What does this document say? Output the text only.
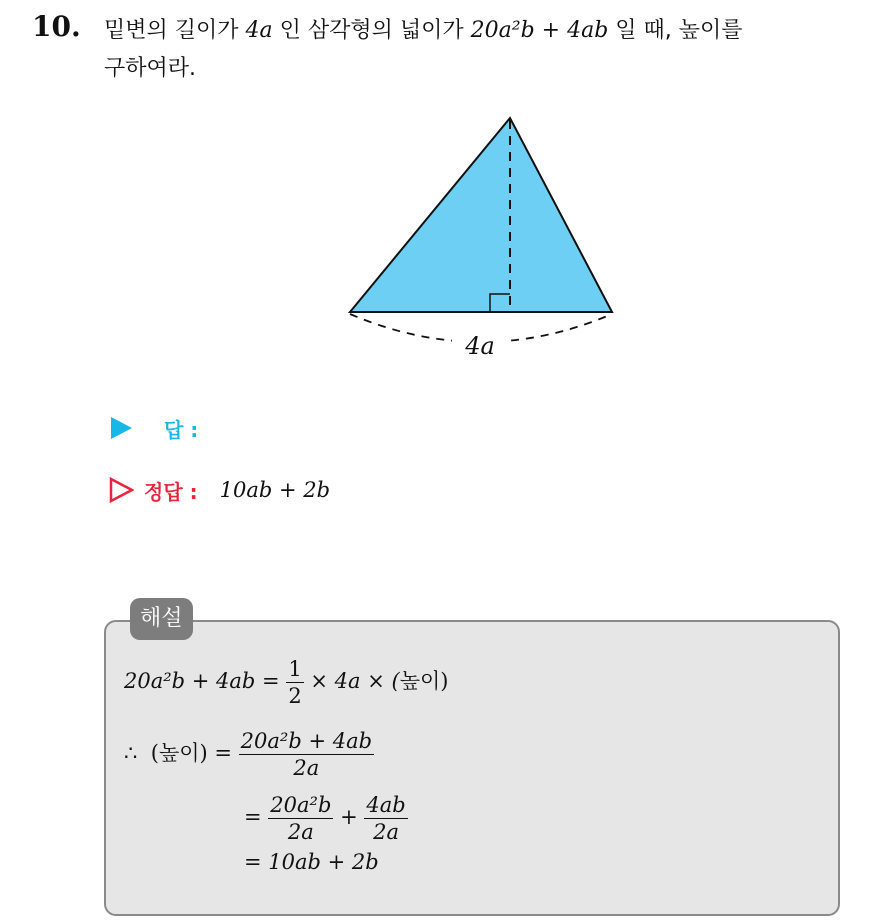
10. 밑변의 길이가 4a 인 삼각형의 넓이가 20a²b + 4ab 일 때, 높이를
구하여라.
4a
답 :
정답 : 10ab + 2b
해설
$20a^2b + 4ab = \frac{1}{2} \times 4a$ × (높이)
∴ (높이) = $\frac{\text{20a²b + 4ab}}{2a}$
= $\frac{\text{20a²b}}{2a} + \frac{4ab}{2a}$
= 10ab + 2b
